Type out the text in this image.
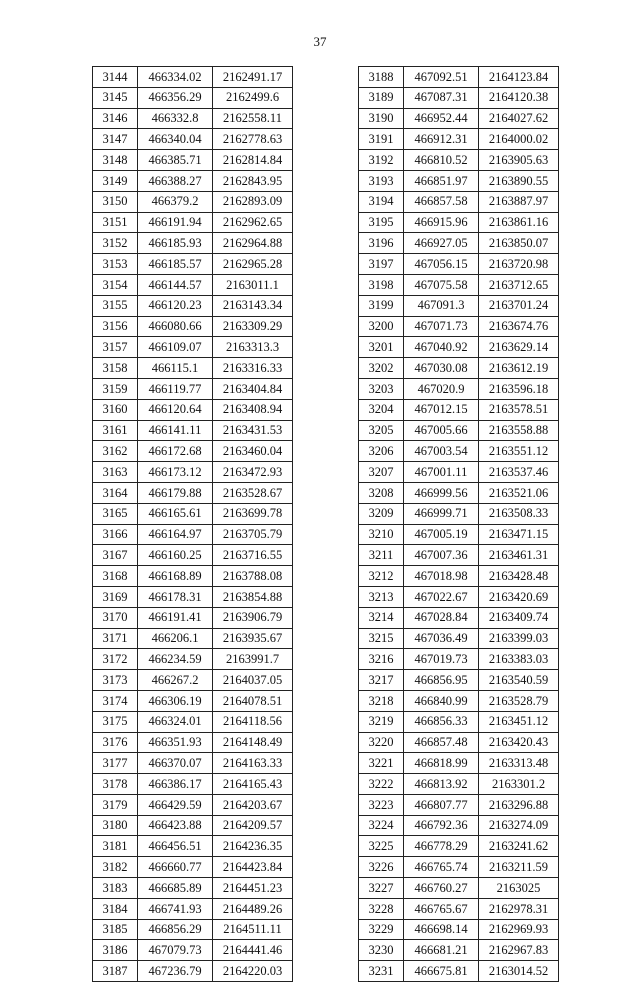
37
3144	466334.02	2162491.17
3145	466356.29	2162499.6
3146	466332.8	2162558.11
3147	466340.04	2162778.63
3148	466385.71	2162814.84
3149	466388.27	2162843.95
3150	466379.2	2162893.09
3151	466191.94	2162962.65
3152	466185.93	2162964.88
3153	466185.57	2162965.28
3154	466144.57	2163011.1
3155	466120.23	2163143.34
3156	466080.66	2163309.29
3157	466109.07	2163313.3
3158	466115.1	2163316.33
3159	466119.77	2163404.84
3160	466120.64	2163408.94
3161	466141.11	2163431.53
3162	466172.68	2163460.04
3163	466173.12	2163472.93
3164	466179.88	2163528.67
3165	466165.61	2163699.78
3166	466164.97	2163705.79
3167	466160.25	2163716.55
3168	466168.89	2163788.08
3169	466178.31	2163854.88
3170	466191.41	2163906.79
3171	466206.1	2163935.67
3172	466234.59	2163991.7
3173	466267.2	2164037.05
3174	466306.19	2164078.51
3175	466324.01	2164118.56
3176	466351.93	2164148.49
3177	466370.07	2164163.33
3178	466386.17	2164165.43
3179	466429.59	2164203.67
3180	466423.88	2164209.57
3181	466456.51	2164236.35
3182	466660.77	2164423.84
3183	466685.89	2164451.23
3184	466741.93	2164489.26
3185	466856.29	2164511.11
3186	467079.73	2164441.46
3187	467236.79	2164220.03
3188	467092.51	2164123.84
3189	467087.31	2164120.38
3190	466952.44	2164027.62
3191	466912.31	2164000.02
3192	466810.52	2163905.63
3193	466851.97	2163890.55
3194	466857.58	2163887.97
3195	466915.96	2163861.16
3196	466927.05	2163850.07
3197	467056.15	2163720.98
3198	467075.58	2163712.65
3199	467091.3	2163701.24
3200	467071.73	2163674.76
3201	467040.92	2163629.14
3202	467030.08	2163612.19
3203	467020.9	2163596.18
3204	467012.15	2163578.51
3205	467005.66	2163558.88
3206	467003.54	2163551.12
3207	467001.11	2163537.46
3208	466999.56	2163521.06
3209	466999.71	2163508.33
3210	467005.19	2163471.15
3211	467007.36	2163461.31
3212	467018.98	2163428.48
3213	467022.67	2163420.69
3214	467028.84	2163409.74
3215	467036.49	2163399.03
3216	467019.73	2163383.03
3217	466856.95	2163540.59
3218	466840.99	2163528.79
3219	466856.33	2163451.12
3220	466857.48	2163420.43
3221	466818.99	2163313.48
3222	466813.92	2163301.2
3223	466807.77	2163296.88
3224	466792.36	2163274.09
3225	466778.29	2163241.62
3226	466765.74	2163211.59
3227	466760.27	2163025
3228	466765.67	2162978.31
3229	466698.14	2162969.93
3230	466681.21	2162967.83
3231	466675.81	2163014.52
